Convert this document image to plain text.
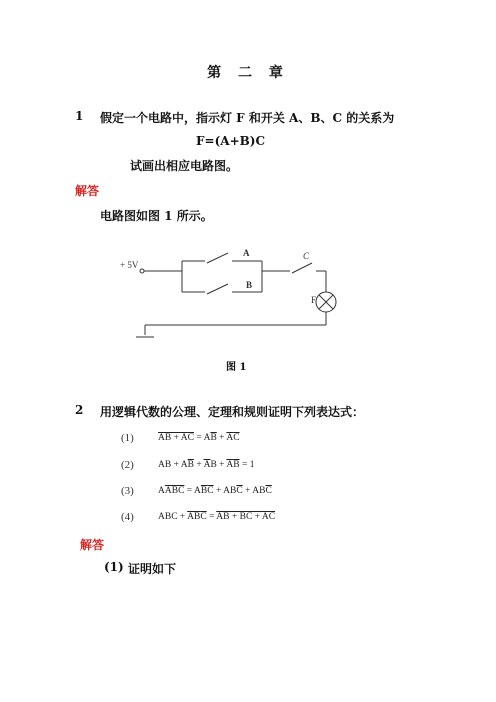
第 二 章
1 假定一个电路中，指示灯 F 和开关 A、B、C 的关系为
F=(A+B)C
试画出相应电路图。
解答
电路图如图 1 所示。
+ 5V
A
B
C
F
图 1
2 用逻辑代数的公理、定理和规则证明下列表达式：
(1)	AB + AC = $A\overline{B} + \overline{A}\overline{C}$
(2)	AB + $A\overline{B} + \overline{A}B + \overline{A}\overline{B} = 1$
(3)	$A\overline{ABC} = A\overline{B}\overline{C} + AB\overline{C} + AB\overline{C}$
(4)	ABC + $\overline{A}\overline{B}\overline{C}$ = AB + BC + AC
解答
(1) 证明如下
